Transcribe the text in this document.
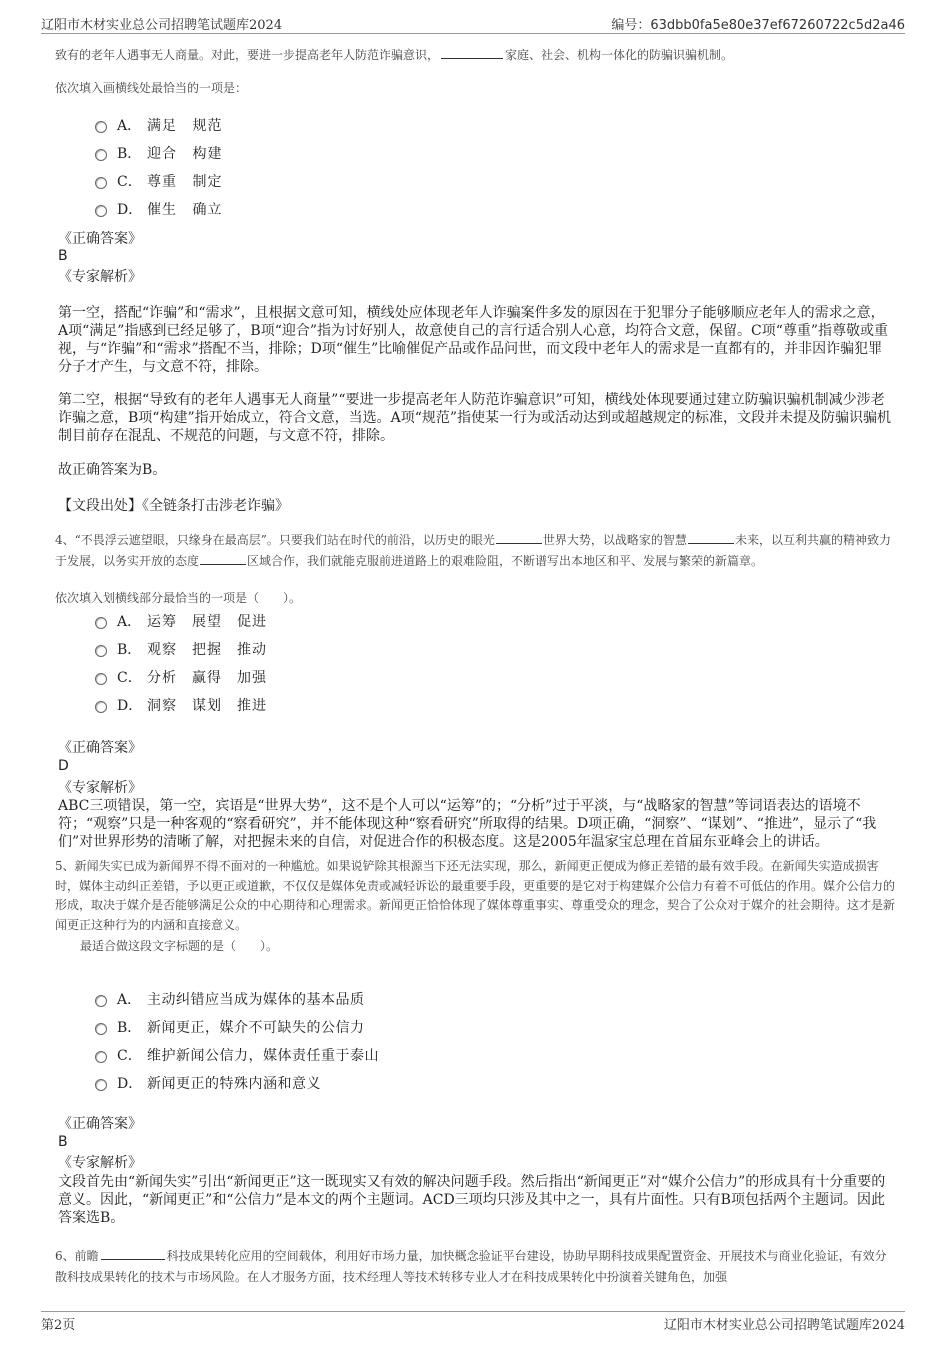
辽阳市木材实业总公司招聘笔试题库2024	编号：63dbb0fa5e80e37ef67260722c5d2a46
致有的老年人遇事无人商量。对此，要进一步提高老年人防范诈骗意识，	家庭、社会、机构一体化的防骗识骗机制。
依次填入画横线处最恰当的一项是：
A． 满足 规范
B． 迎合 构建
C． 尊重 制定
D． 催生 确立
《正确答案》
B
《专家解析》
第一空，搭配“诈骗”和“需求”，且根据文意可知，横线处应体现老年人诈骗案件多发的原因在于犯罪分子能够顺应老年人的需求之意，A项“满足”指感到已经足够了，B项“迎合”指为讨好别人，故意使自己的言行适合别人心意，均符合文意，保留。C项“尊重”指尊敬或重视，与“诈骗”和“需求”搭配不当，排除；D项“催生”比喻催促产品或作品问世，而文段中老年人的需求是一直都有的，并非因诈骗犯罪分子才产生，与文意不符，排除。
第二空，根据“导致有的老年人遇事无人商量”“要进一步提高老年人防范诈骗意识”可知，横线处体现要通过建立防骗识骗机制减少涉老诈骗之意，B项“构建”指开始成立，符合文意，当选。A项“规范”指使某一行为或活动达到或超越规定的标准，文段并未提及防骗识骗机制目前存在混乱、不规范的问题，与文意不符，排除。
故正确答案为B。
【文段出处】《全链条打击涉老诈骗》
4、“不畏浮云遮望眼，只缘身在最高层”。只要我们站在时代的前沿，以历史的眼光	世界大势，以战略家的智慧	未来，以互利共赢的精神致力于发展，以务实开放的态度	区域合作，我们就能克服前进道路上的艰难险阻，不断谱写出本地区和平、发展与繁荣的新篇章。
依次填入划横线部分最恰当的一项是（　　）。
A． 运筹　展望　促进
B． 观察　把握　推动
C． 分析　赢得　加强
D． 洞察　谋划　推进
《正确答案》
D
《专家解析》
ABC三项错误，第一空，宾语是“世界大势”，这不是个人可以“运筹”的；“分析”过于平淡，与“战略家的智慧”等词语表达的语境不符；“观察”只是一种客观的“察看研究”，并不能体现这种“察看研究”所取得的结果。D项正确，“洞察”、“谋划”、“推进”，显示了“我们”对世界形势的清晰了解，对把握未来的自信，对促进合作的积极态度。这是2005年温家宝总理在首届东亚峰会上的讲话。
5、新闻失实已成为新闻界不得不面对的一种尴尬。如果说铲除其根源当下还无法实现，那么，新闻更正便成为修正差错的最有效手段。在新闻失实造成损害时，媒体主动纠正差错，予以更正或道歉，不仅仅是媒体免责或减轻诉讼的最重要手段，更重要的是它对于构建媒介公信力有着不可低估的作用。媒介公信力的形成，取决于媒介是否能够满足公众的中心期待和心理需求。新闻更正恰恰体现了媒体尊重事实、尊重受众的理念，契合了公众对于媒介的社会期待。这才是新闻更正这种行为的内涵和直接意义。
最适合做这段文字标题的是（　　）。
A． 主动纠错应当成为媒体的基本品质
B． 新闻更正，媒介不可缺失的公信力
C． 维护新闻公信力，媒体责任重于泰山
D． 新闻更正的特殊内涵和意义
《正确答案》
B
《专家解析》
文段首先由“新闻失实”引出“新闻更正”这一既现实又有效的解决问题手段。然后指出“新闻更正”对“媒介公信力”的形成具有十分重要的意义。因此，“新闻更正”和“公信力”是本文的两个主题词。ACD三项均只涉及其中之一，具有片面性。只有B项包括两个主题词。因此答案选B。
6、前瞻	科技成果转化应用的空间载体，利用好市场力量，加快概念验证平台建设，协助早期科技成果配置资金、开展技术与商业化验证，有效分散科技成果转化的技术与市场风险。在人才服务方面，技术经理人等技术转移专业人才在科技成果转化中扮演着关键角色，加强
第2页	辽阳市木材实业总公司招聘笔试题库2024
